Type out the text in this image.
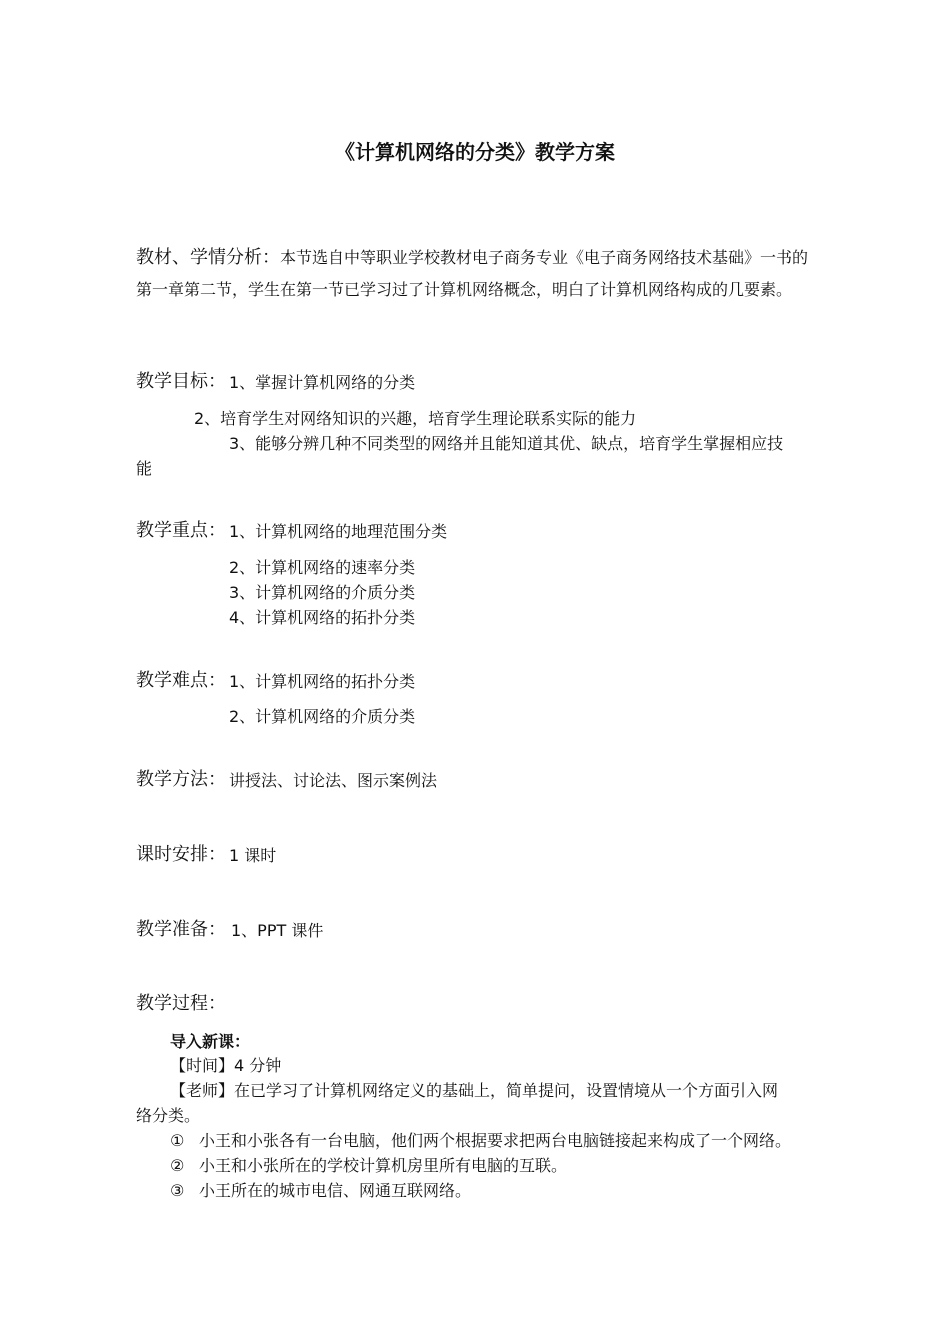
《计算机网络的分类》教学方案
教材、学情分析：本节选自中等职业学校教材电子商务专业《电子商务网络技术基础》一书的第一章第二节，学生在第一节已学习过了计算机网络概念，明白了计算机网络构成的几要素。
教学目标： 1、掌握计算机网络的分类
2、培育学生对网络知识的兴趣，培育学生理论联系实际的能力
3、能够分辨几种不同类型的网络并且能知道其优、缺点，培育学生掌握相应技
能
教学重点： 1、计算机网络的地理范围分类
2、计算机网络的速率分类
3、计算机网络的介质分类
4、计算机网络的拓扑分类
教学难点： 1、计算机网络的拓扑分类
2、计算机网络的介质分类
教学方法： 讲授法、讨论法、图示案例法
课时安排： 1 课时
教学准备： 1、PPT 课件
教学过程：
导入新课：
【时间】4 分钟
【老师】在已学习了计算机网络定义的基础上，简单提问，设置情境从一个方面引入网
络分类。
① 小王和小张各有一台电脑，他们两个根据要求把两台电脑链接起来构成了一个网络。
② 小王和小张所在的学校计算机房里所有电脑的互联。
③ 小王所在的城市电信、网通互联网络。
